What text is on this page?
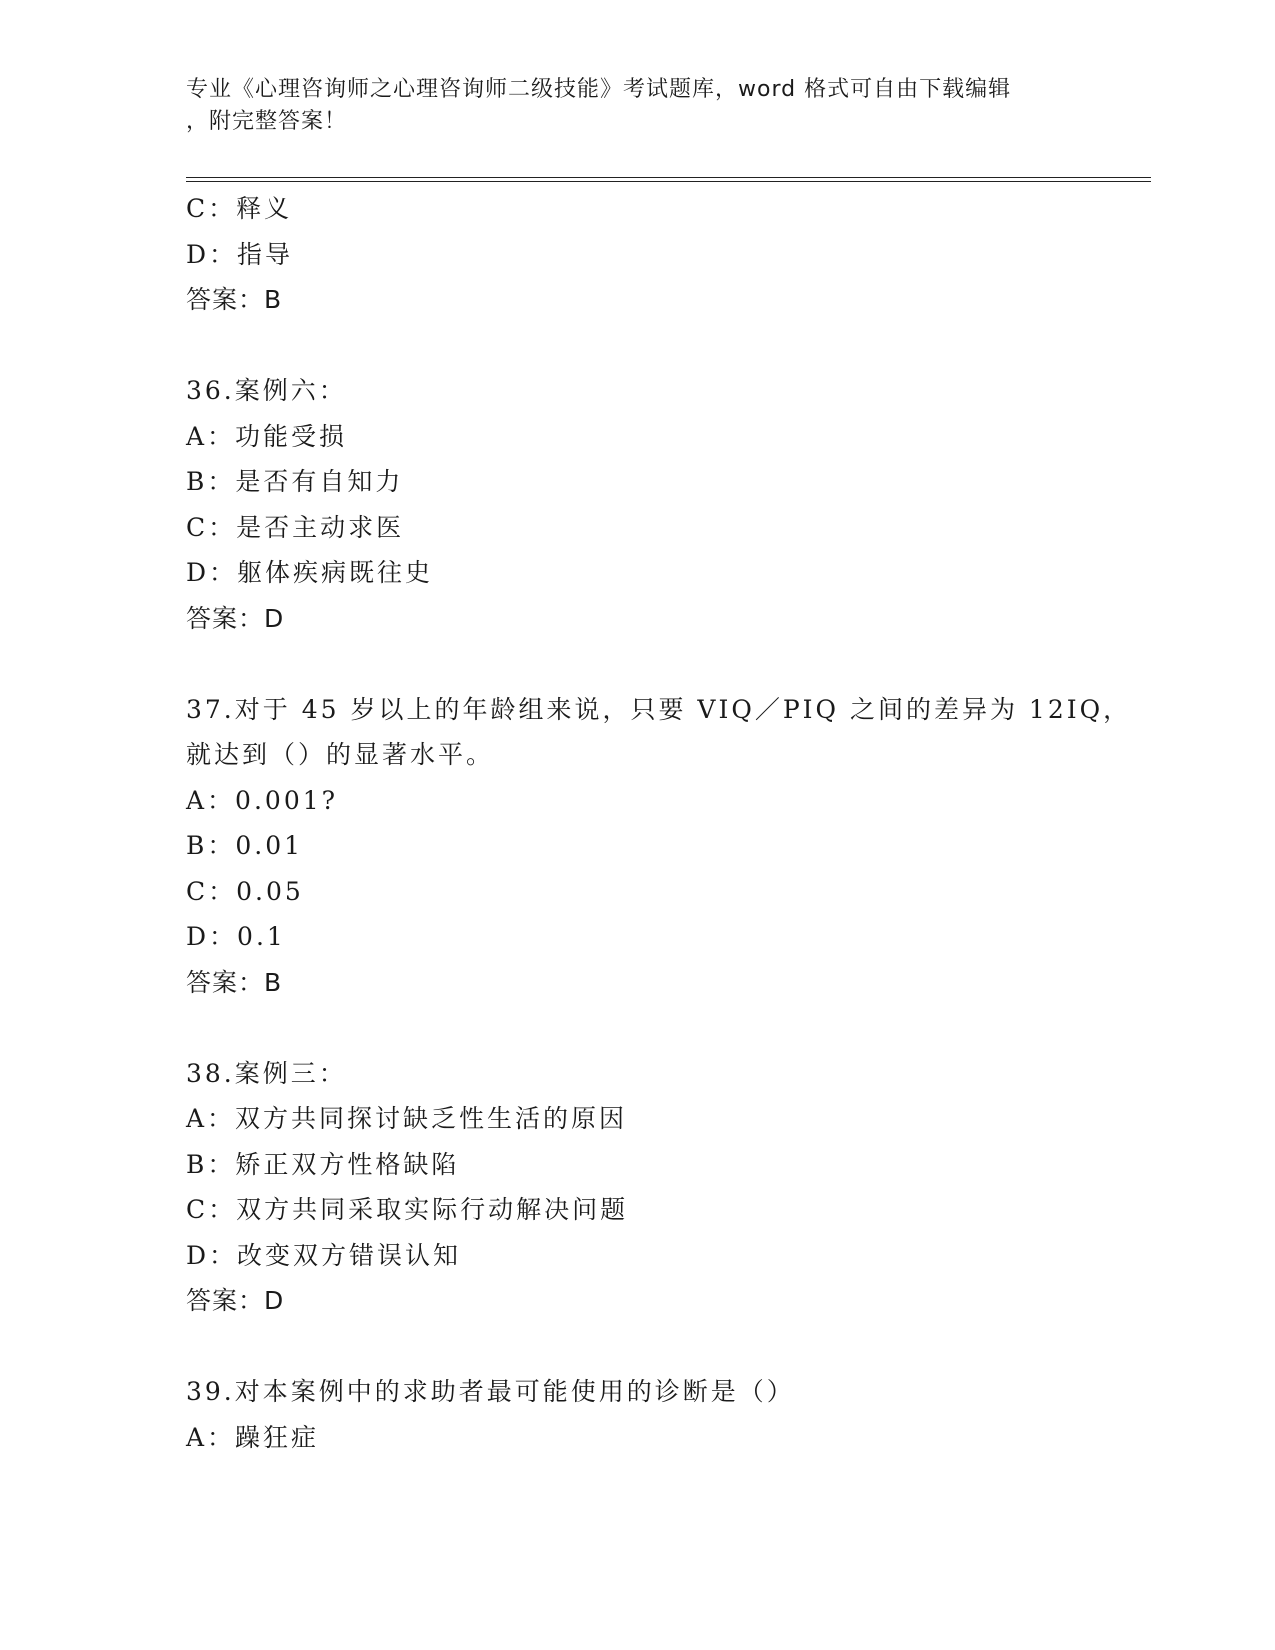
专业《心理咨询师之心理咨询师二级技能》考试题库，word 格式可自由下载编辑
，附完整答案！
C：释义
D：指导
答案：B
36.案例六：
A：功能受损
B：是否有自知力
C：是否主动求医
D：躯体疾病既往史
答案：D
37.对于 45 岁以上的年龄组来说，只要 VIQ／PIQ 之间的差异为 12IQ，
就达到（）的显著水平。
A：0.001?
B：0.01
C：0.05
D：0.1
答案：B
38.案例三：
A：双方共同探讨缺乏性生活的原因
B：矫正双方性格缺陷
C：双方共同采取实际行动解决问题
D：改变双方错误认知
答案：D
39.对本案例中的求助者最可能使用的诊断是（）
A：躁狂症
